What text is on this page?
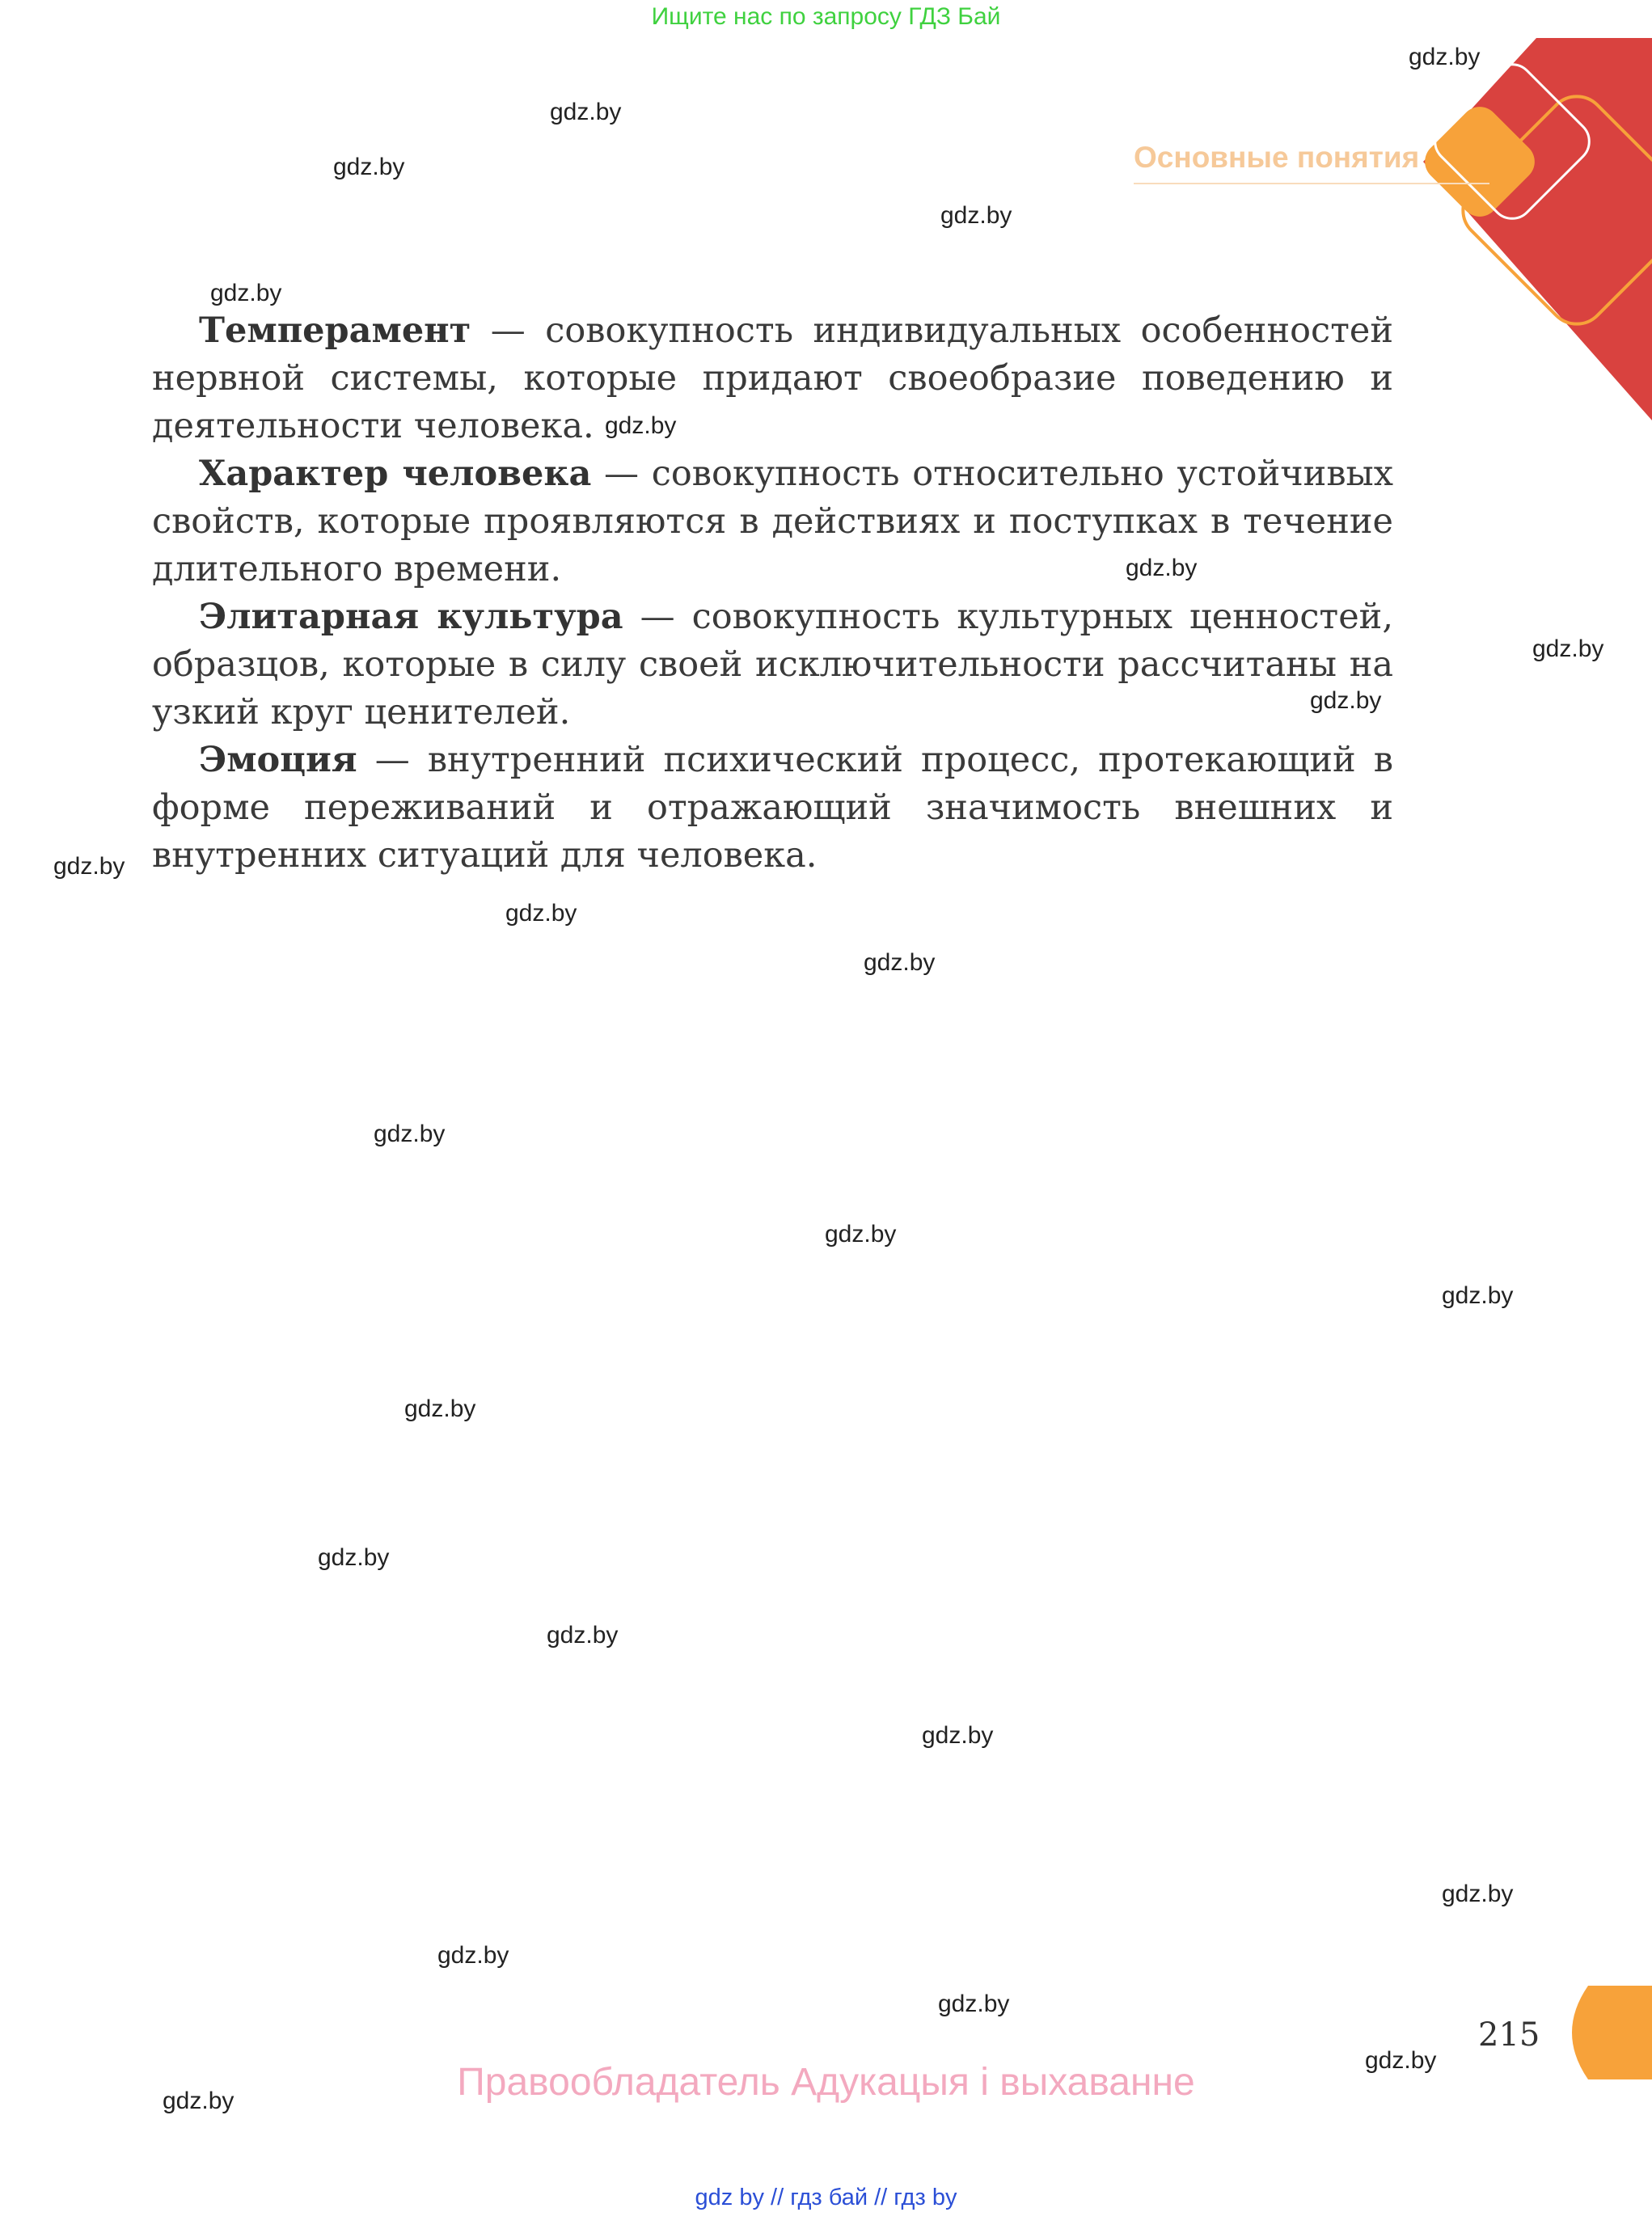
Ищите нас по запросу ГДЗ Бай
Основные понятия

Темперамент — совокупность индивидуальных особенностей нервной системы, которые придают своеобразие поведению и деятельности человека.

Характер человека — совокупность относительно устойчивых свойств, которые проявляются в действиях и поступках в течение длительного времени.

Элитарная культура — совокупность культурных ценностей, образцов, которые в силу своей исключительности рассчитаны на узкий круг ценителей.

Эмоция — внутренний психический процесс, протекающий в форме переживаний и отражающий значимость внешних и внутренних ситуаций для человека.

gdz.by
gdz.by
gdz.by
gdz.by
gdz.by
gdz.by
gdz.by
gdz.by
gdz.by
gdz.by
gdz.by
gdz.by
gdz.by
gdz.by
gdz.by
gdz.by
gdz.by
gdz.by
gdz.by
gdz.by
gdz.by
gdz.by
gdz.by
gdz.by
215
Правообладатель Адукацыя і выхаванне
gdz by // гдз бай // гдз by
